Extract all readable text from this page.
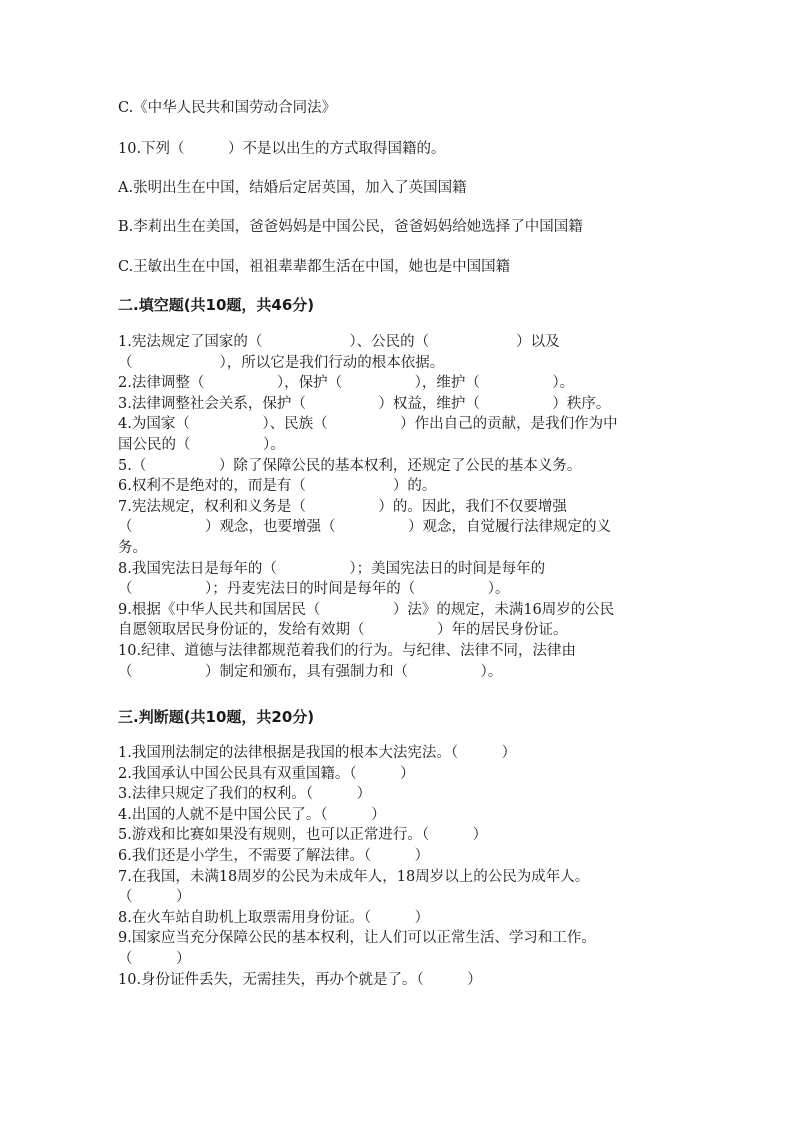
C.《中华人民共和国劳动合同法》

10.下列（　　　）不是以出生的方式取得国籍的。

A.张明出生在中国，结婚后定居英国，加入了英国国籍

B.李莉出生在美国，爸爸妈妈是中国公民，爸爸妈妈给她选择了中国国籍

C.王敏出生在中国，祖祖辈辈都生活在中国，她也是中国国籍

二.填空题(共10题，共46分)

1.宪法规定了国家的（　　　　　　）、公民的（　　　　　　）以及
（　　　　　　），所以它是我们行动的根本依据。
2.法律调整（　　　　　），保护（　　　　　），维护（　　　　　）。
3.法律调整社会关系，保护（　　　　　）权益，维护（　　　　　）秩序。
4.为国家（　　　　　）、民族（　　　　　）作出自己的贡献，是我们作为中
国公民的（　　　　　）。
5.（　　　　　）除了保障公民的基本权利，还规定了公民的基本义务。
6.权利不是绝对的，而是有（　　　　　　）的。
7.宪法规定，权利和义务是（　　　　　）的。因此，我们不仅要增强
（　　　　　）观念，也要增强（　　　　　）观念，自觉履行法律规定的义
务。
8.我国宪法日是每年的（　　　　　）；美国宪法日的时间是每年的
（　　　　　）；丹麦宪法日的时间是每年的（　　　　　）。
9.根据《中华人民共和国居民（　　　　　）法》的规定，未满16周岁的公民
自愿领取居民身份证的，发给有效期（　　　　　）年的居民身份证。
10.纪律、道德与法律都规范着我们的行为。与纪律、法律不同，法律由
（　　　　　）制定和颁布，具有强制力和（　　　　　）。

三.判断题(共10题，共20分)

1.我国刑法制定的法律根据是我国的根本大法宪法。（　　　）
2.我国承认中国公民具有双重国籍。（　　　）
3.法律只规定了我们的权利。（　　　）
4.出国的人就不是中国公民了。（　　　）
5.游戏和比赛如果没有规则，也可以正常进行。（　　　）
6.我们还是小学生，不需要了解法律。（　　　）
7.在我国，未满18周岁的公民为未成年人，18周岁以上的公民为成年人。
（　　　）
8.在火车站自助机上取票需用身份证。（　　　）
9.国家应当充分保障公民的基本权利，让人们可以正常生活、学习和工作。
（　　　）
10.身份证件丢失，无需挂失，再办个就是了。（　　　）
